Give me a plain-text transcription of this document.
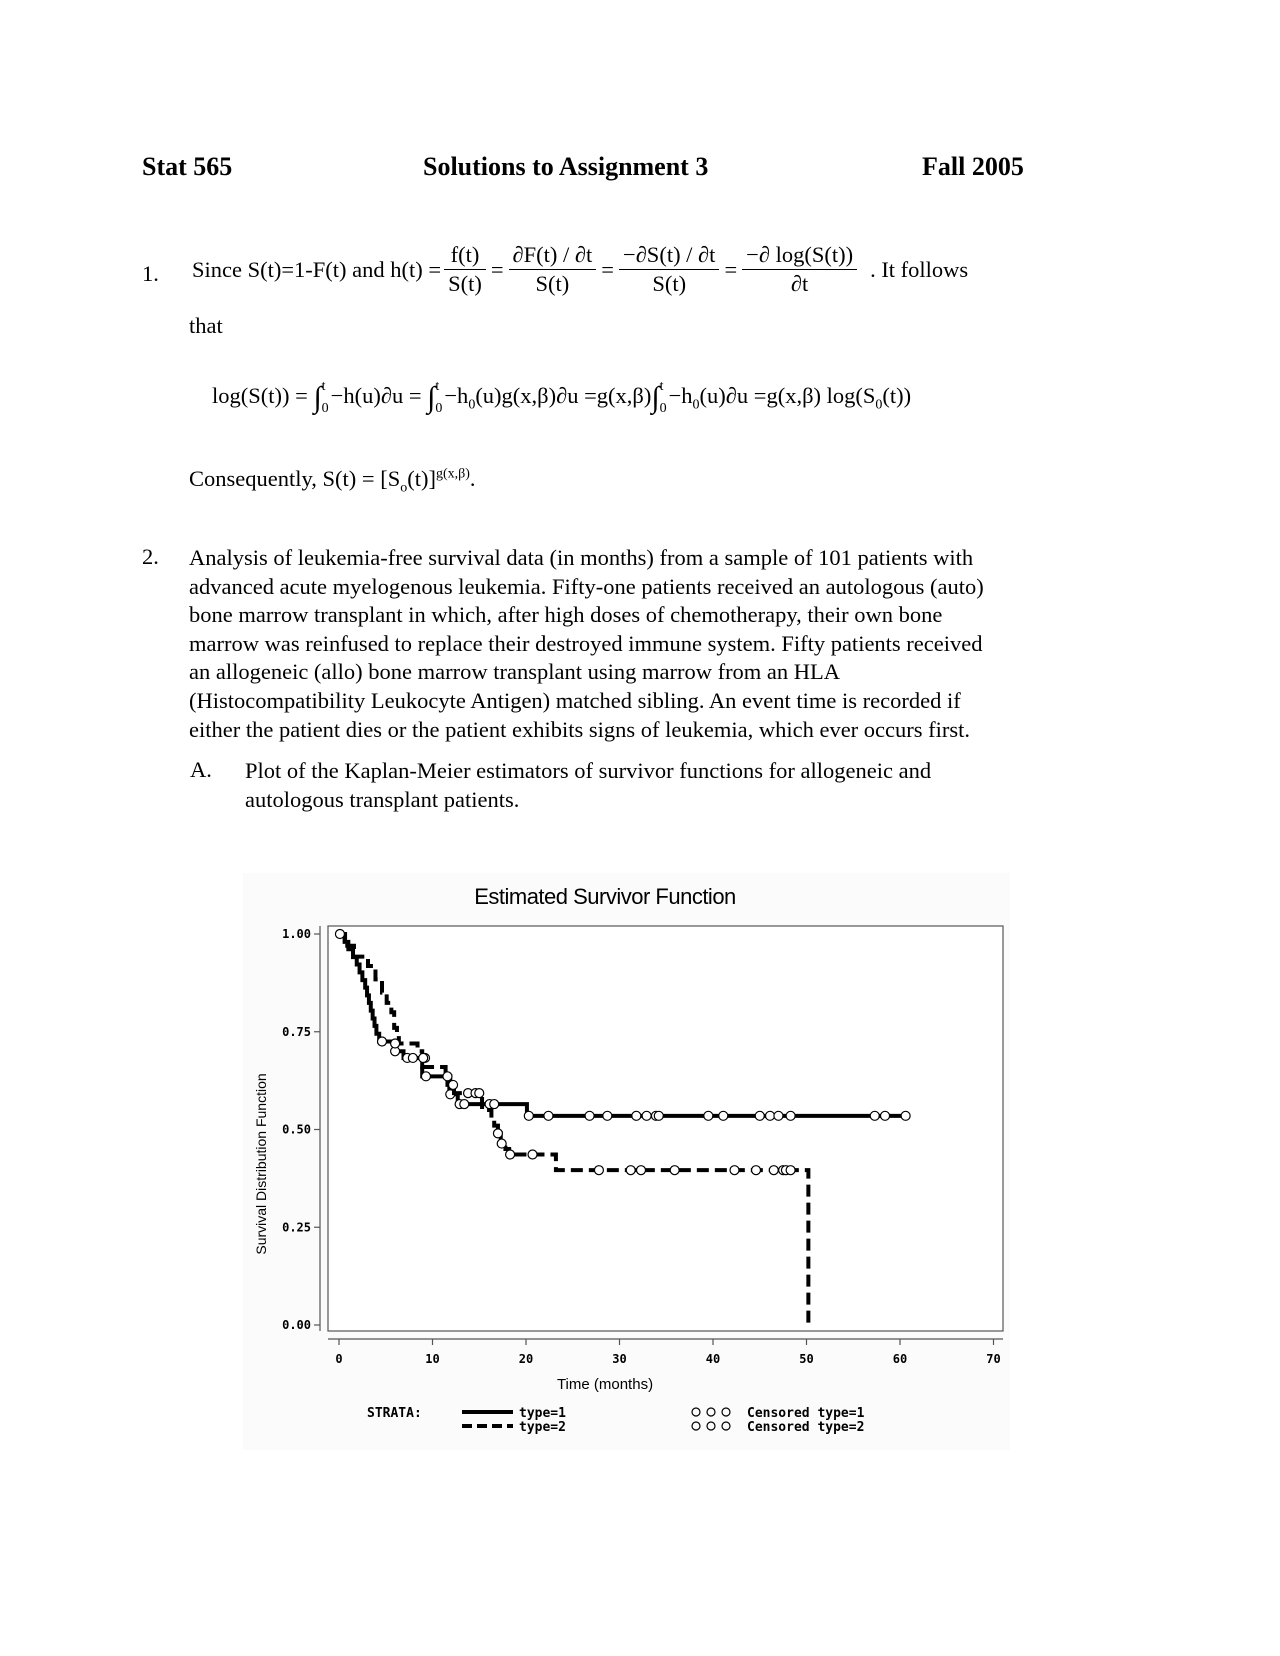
Stat 565	Solutions to Assignment 3	Fall 2005
1. Since S(t)=1-F(t) and $h(t) = \frac{f(t)}{S(t)} = \frac{\partial F(t) / \partial t}{S(t)} = \frac{-\partial S(t) / \partial t}{S(t)} = \frac{-\partial \log(S(t))}{\partial t}$ . It follows
that
log(S(t)) = ∫ t
0
−h(u)∂u = ∫ t
0
$-h_0(u)g(x,\beta)\partial u =g(x,\beta)\int$ t
0
$-h_0(u)\partial u =g(x,\beta)$ $\log(S_0(t))$
Consequently, $S(t) = [S_o(t)]^{g(x,\beta)}$.
2. Analysis of leukemia-free survival data (in months) from a sample of 101 patients with
advanced acute myelogenous leukemia. Fifty-one patients received an autologous (auto)
bone marrow transplant in which, after high doses of chemotherapy, their own bone
marrow was reinfused to replace their destroyed immune system. Fifty patients received
an allogeneic (allo) bone marrow transplant using marrow from an HLA
(Histocompatibility Leukocyte Antigen) matched sibling. An event time is recorded if
either the patient dies or the patient exhibits signs of leukemia, which ever occurs first.
A. Plot of the Kaplan-Meier estimators of survivor functions for allogeneic and
autologous transplant patients.
Estimated Survivor Function
0	10	20	30	40	50	60	70
0.00
0.25
0.50
0.75
1.00
Time (months)
Survival Distribution Function
STRATA:	type=1
type=2
Censored type=1
Censored type=2
